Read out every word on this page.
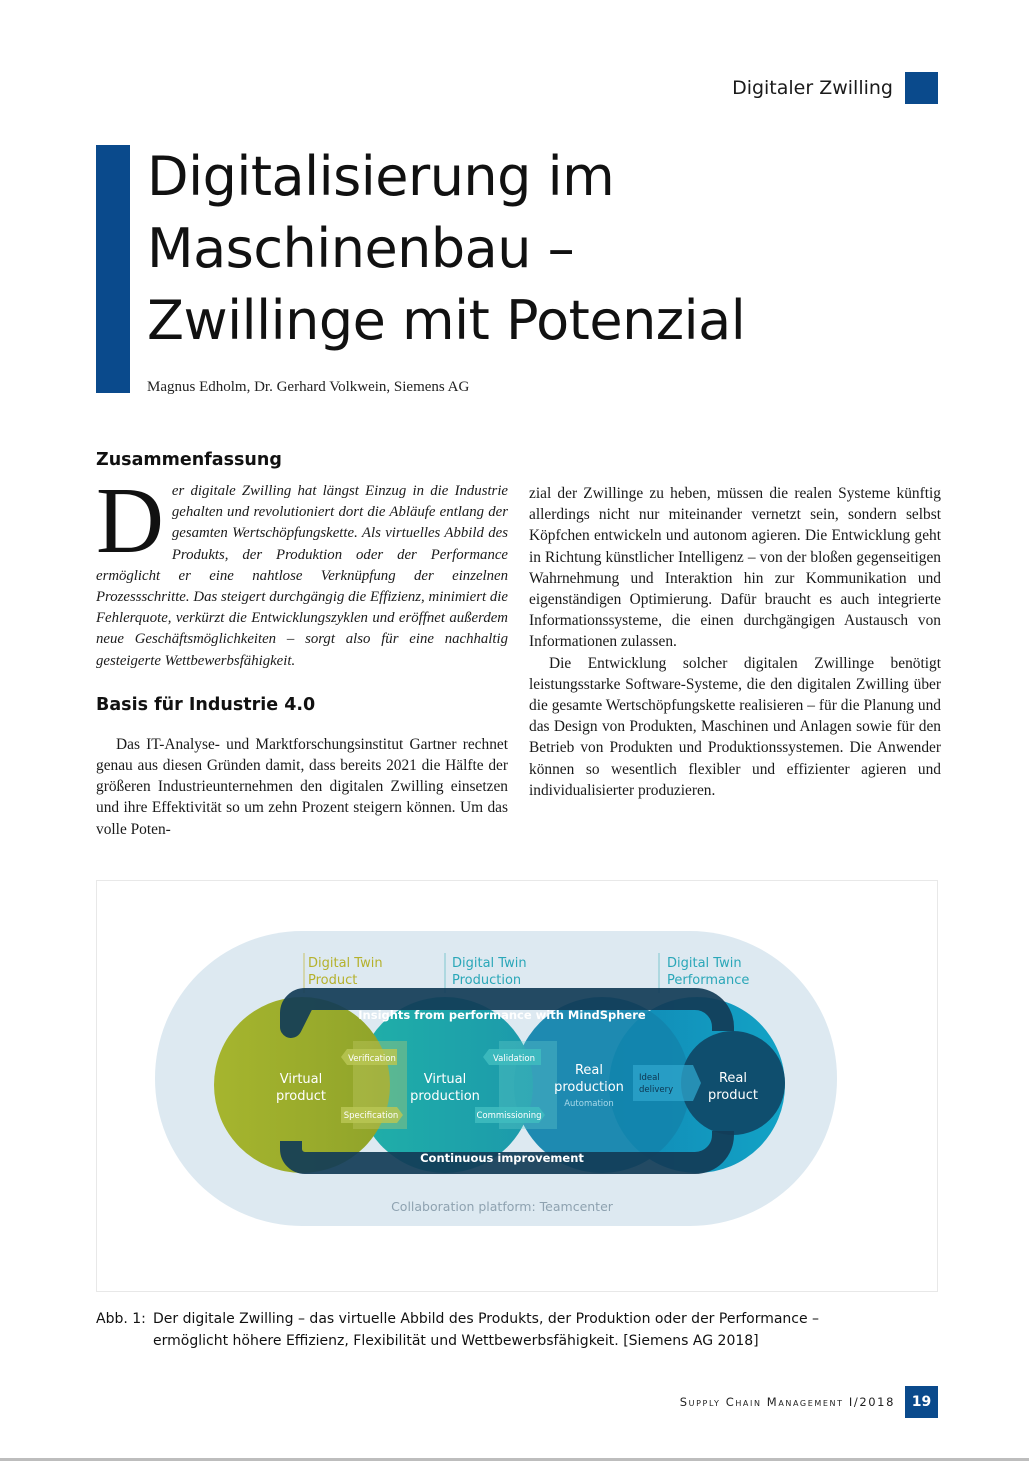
Digitaler Zwilling
Digitalisierung im
Maschinenbau –
Zwillinge mit Potenzial
Magnus Edholm, Dr. Gerhard Volkwein, Siemens AG
Zusammenfassung

Der digitale Zwilling hat längst Einzug in die Industrie gehalten und revolutioniert dort die Abläufe entlang der gesamten Wertschöpfungskette. Als virtuelles Abbild des Produkts, der Produktion oder der Performance ermöglicht er eine nahtlose Verknüpfung der einzelnen Prozessschritte. Das steigert durchgängig die Effizienz, minimiert die Fehlerquote, verkürzt die Entwicklungszyklen und eröffnet außerdem neue Geschäftsmöglichkeiten – sorgt also für eine nachhaltig gesteigerte Wettbewerbsfähigkeit.

Basis für Industrie 4.0

Das IT-Analyse- und Marktforschungsinstitut Gartner rechnet genau aus diesen Gründen damit, dass bereits 2021 die Hälfte der größeren Industrieunternehmen den digitalen Zwilling einsetzen und ihre Effektivität so um zehn Prozent steigern können. Um das volle Poten-

zial der Zwillinge zu heben, müssen die realen Systeme künftig allerdings nicht nur miteinander vernetzt sein, sondern selbst Köpfchen entwickeln und autonom agieren. Die Entwicklung geht in Richtung künstlicher Intelligenz – von der bloßen gegenseitigen Wahrnehmung und Interaktion hin zur Kommunikation und eigenständigen Optimierung. Dafür braucht es auch integrierte Informationssysteme, die einen durchgängigen Austausch von Informationen zulassen.

Die Entwicklung solcher digitalen Zwillinge benötigt leistungsstarke Software-Systeme, die den digitalen Zwilling über die gesamte Wertschöpfungskette realisieren – für die Planung und das Design von Produkten, Maschinen und Anlagen sowie für den Betrieb von Produkten und Produktionssystemen. Die Anwender können so wesentlich flexibler und effizienter agieren und individualisierter produzieren.

Collaboration platform: Teamcenter
Digital Twin
Product
Digital Twin
Production
Digital Twin
Performance
Insights from performance with MindSphere
Continuous improvement
Verification
Specification
Validation
Commissioning
Ideal
delivery
Virtual
product
Virtual
production
Real
production
Automation
Real
product
Abb. 1: Der digitale Zwilling – das virtuelle Abbild des Produkts, der Produktion oder der Performance –
ermöglicht höhere Effizienz, Flexibilität und Wettbewerbsfähigkeit. [Siemens AG 2018]
Supply Chain Management I/2018	19
